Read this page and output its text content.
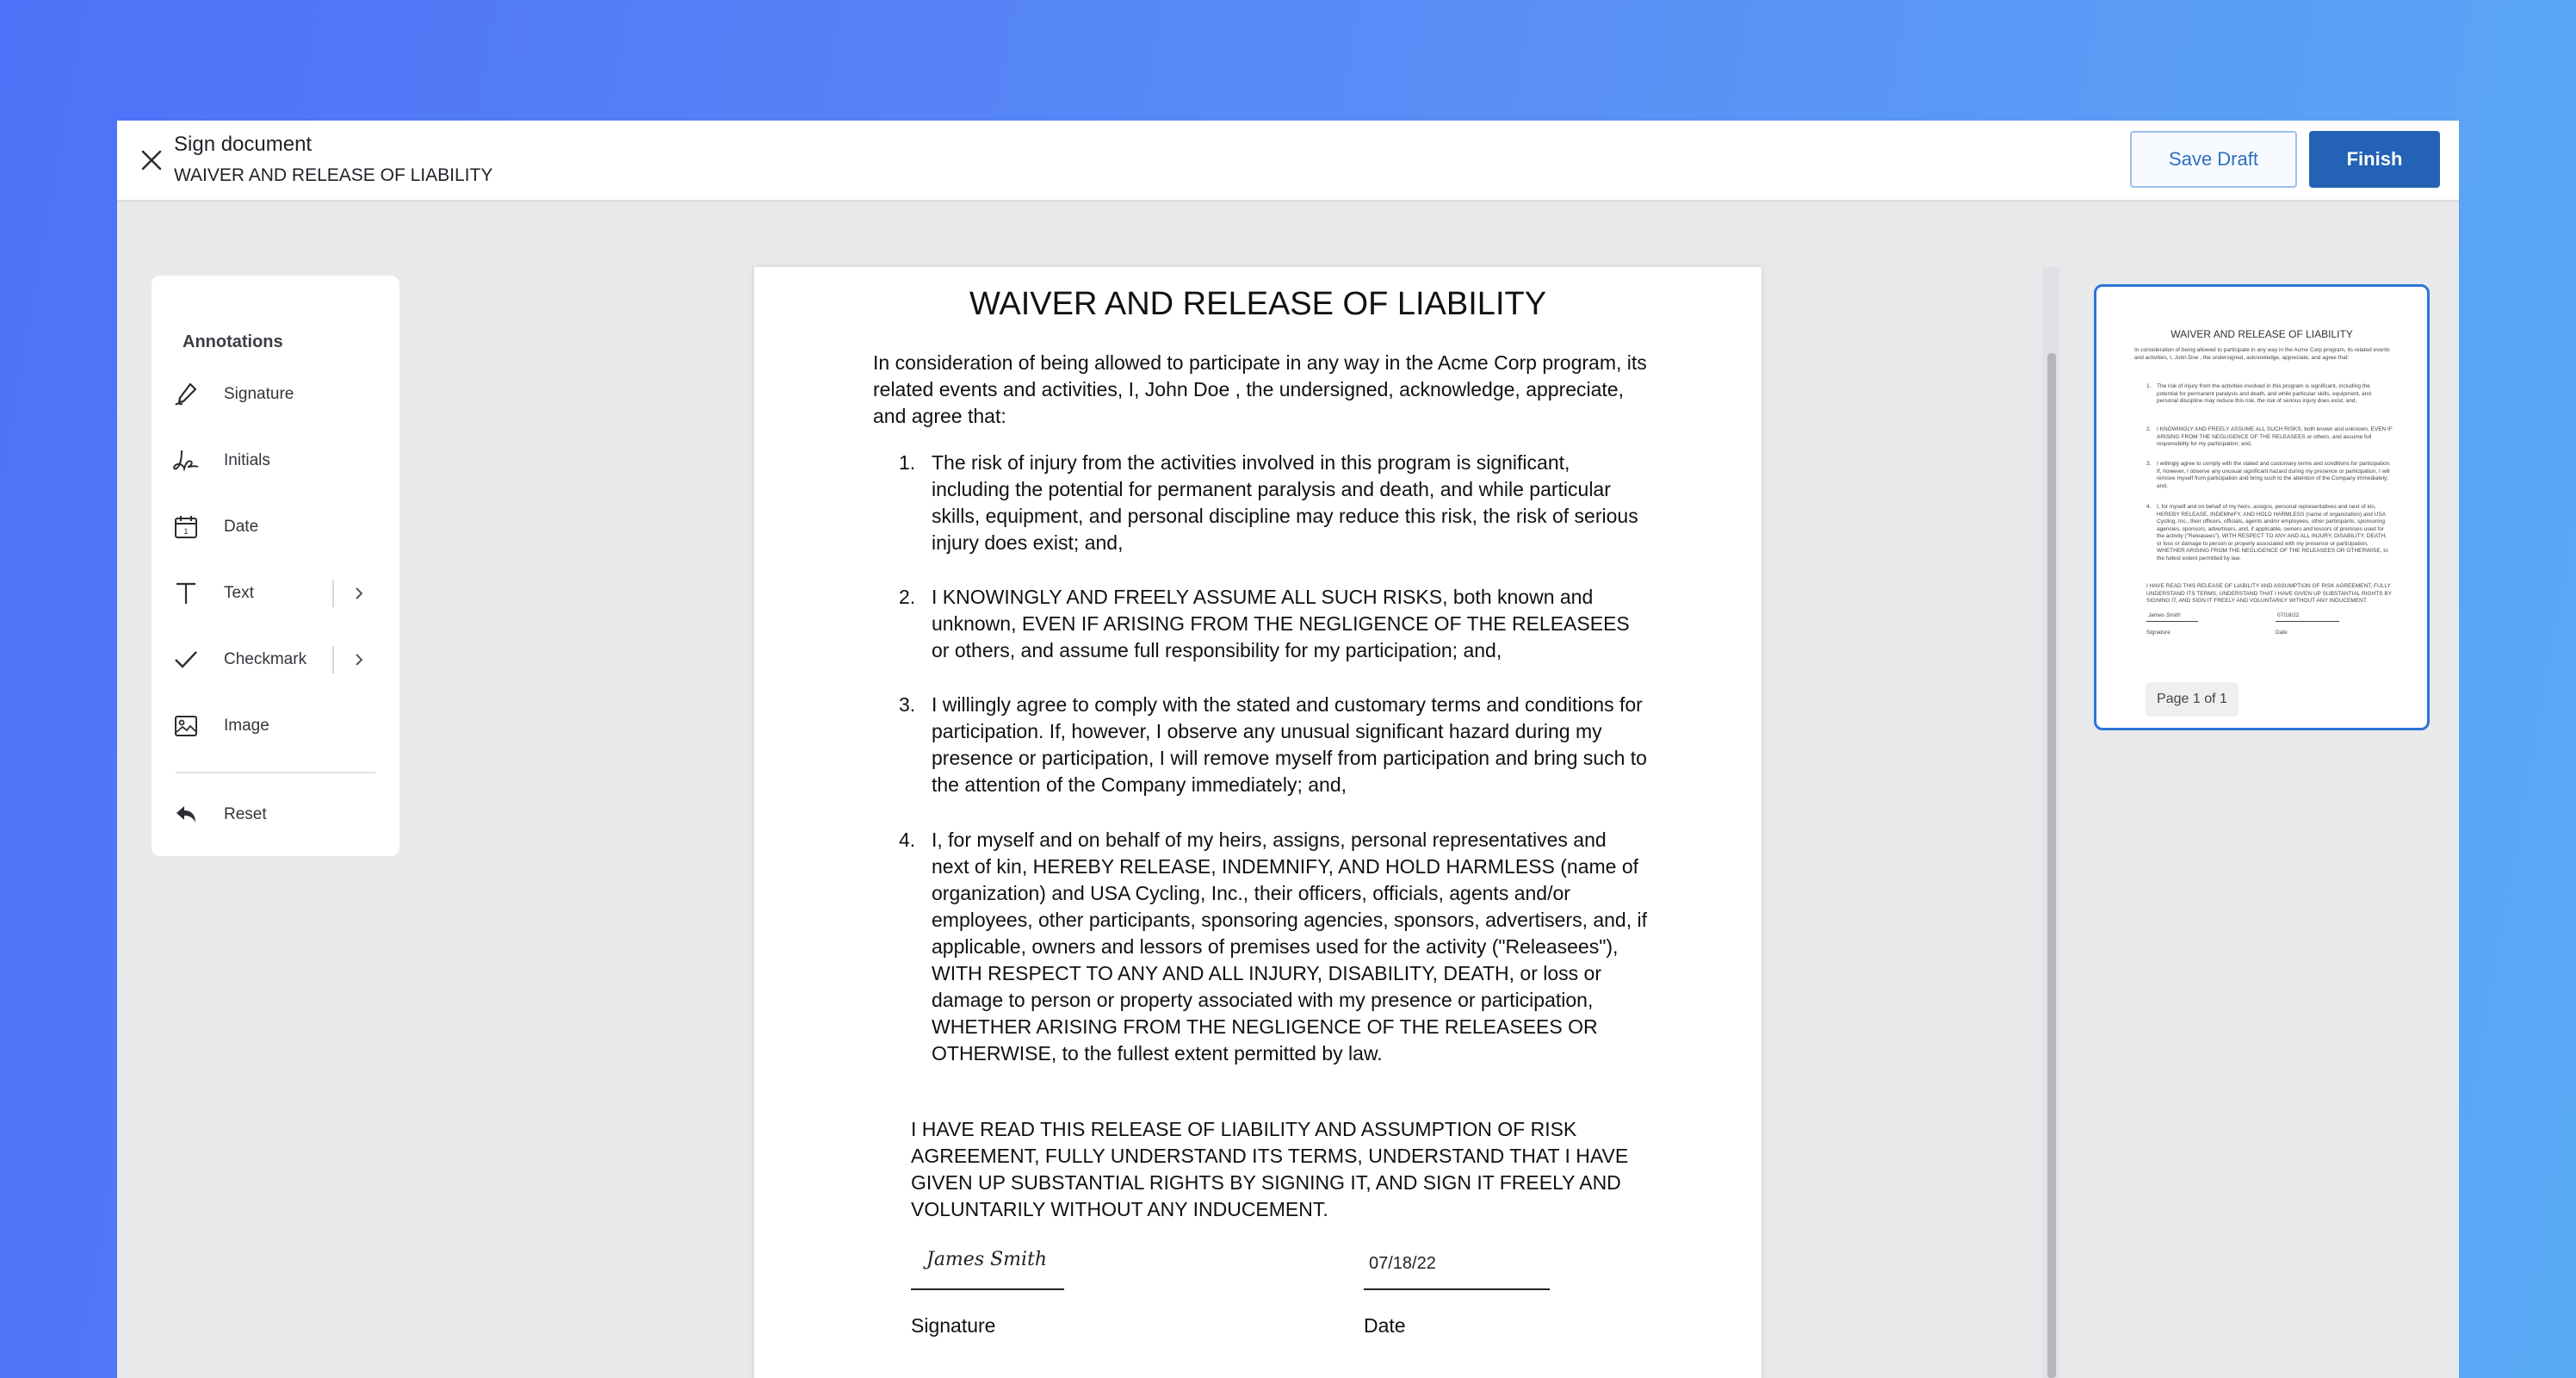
Sign document
WAIVER AND RELEASE OF LIABILITY
Save Draft	Finish
Annotations
Signature
Initials
1 Date
Text
Checkmark
Image
Reset
WAIVER AND RELEASE OF LIABILITY
In consideration of being allowed to participate in any way in the Acme Corp program, its related events and activities, I, John Doe , the undersigned, acknowledge, appreciate, and agree that:
1. The risk of injury from the activities involved in this program is significant, including the potential for permanent paralysis and death, and while particular skills, equipment, and personal discipline may reduce this risk, the risk of serious injury does exist; and,
2. I KNOWINGLY AND FREELY ASSUME ALL SUCH RISKS, both known and unknown, EVEN IF ARISING FROM THE NEGLIGENCE OF THE RELEASEES or others, and assume full responsibility for my participation; and,
3. I willingly agree to comply with the stated and customary terms and conditions for participation. If, however, I observe any unusual significant hazard during my presence or participation, I will remove myself from participation and bring such to the attention of the Company immediately; and,
4. I, for myself and on behalf of my heirs, assigns, personal representatives and next of kin, HEREBY RELEASE, INDEMNIFY, AND HOLD HARMLESS (name of organization) and USA Cycling, Inc., their officers, officials, agents and/or employees, other participants, sponsoring agencies, sponsors, advertisers, and, if applicable, owners and lessors of premises used for the activity ("Releasees"), WITH RESPECT TO ANY AND ALL INJURY, DISABILITY, DEATH, or loss or damage to person or property associated with my presence or participation, WHETHER ARISING FROM THE NEGLIGENCE OF THE RELEASEES OR OTHERWISE, to the fullest extent permitted by law.
I HAVE READ THIS RELEASE OF LIABILITY AND ASSUMPTION OF RISK AGREEMENT, FULLY UNDERSTAND ITS TERMS, UNDERSTAND THAT I HAVE GIVEN UP SUBSTANTIAL RIGHTS BY SIGNING IT, AND SIGN IT FREELY AND VOLUNTARILY WITHOUT ANY INDUCEMENT.
James Smith	07/18/22
Signature	Date
WAIVER AND RELEASE OF LIABILITY
In consideration of being allowed to participate in any way in the Acme Corp program, its related events and activities, I, John Doe , the undersigned, acknowledge, appreciate, and agree that:
1. The risk of injury from the activities involved in this program is significant, including the potential for permanent paralysis and death, and while particular skills, equipment, and personal discipline may reduce this risk, the risk of serious injury does exist; and,
2. I KNOWINGLY AND FREELY ASSUME ALL SUCH RISKS, both known and unknown, EVEN IF ARISING FROM THE NEGLIGENCE OF THE RELEASEES or others, and assume full responsibility for my participation; and,
3. I willingly agree to comply with the stated and customary terms and conditions for participation. If, however, I observe any unusual significant hazard during my presence or participation, I will remove myself from participation and bring such to the attention of the Company immediately; and,
4. I, for myself and on behalf of my heirs, assigns, personal representatives and next of kin, HEREBY RELEASE, INDEMNIFY, AND HOLD HARMLESS (name of organization) and USA Cycling, Inc., their officers, officials, agents and/or employees, other participants, sponsoring agencies, sponsors, advertisers, and, if applicable, owners and lessors of premises used for the activity ("Releasees"), WITH RESPECT TO ANY AND ALL INJURY, DISABILITY, DEATH, or loss or damage to person or property associated with my presence or participation, WHETHER ARISING FROM THE NEGLIGENCE OF THE RELEASEES OR OTHERWISE, to the fullest extent permitted by law.
I HAVE READ THIS RELEASE OF LIABILITY AND ASSUMPTION OF RISK AGREEMENT, FULLY UNDERSTAND ITS TERMS, UNDERSTAND THAT I HAVE GIVEN UP SUBSTANTIAL RIGHTS BY SIGNING IT, AND SIGN IT FREELY AND VOLUNTARILY WITHOUT ANY INDUCEMENT.
James Smith	07/18/22
Signature	Date
Page 1 of 1
